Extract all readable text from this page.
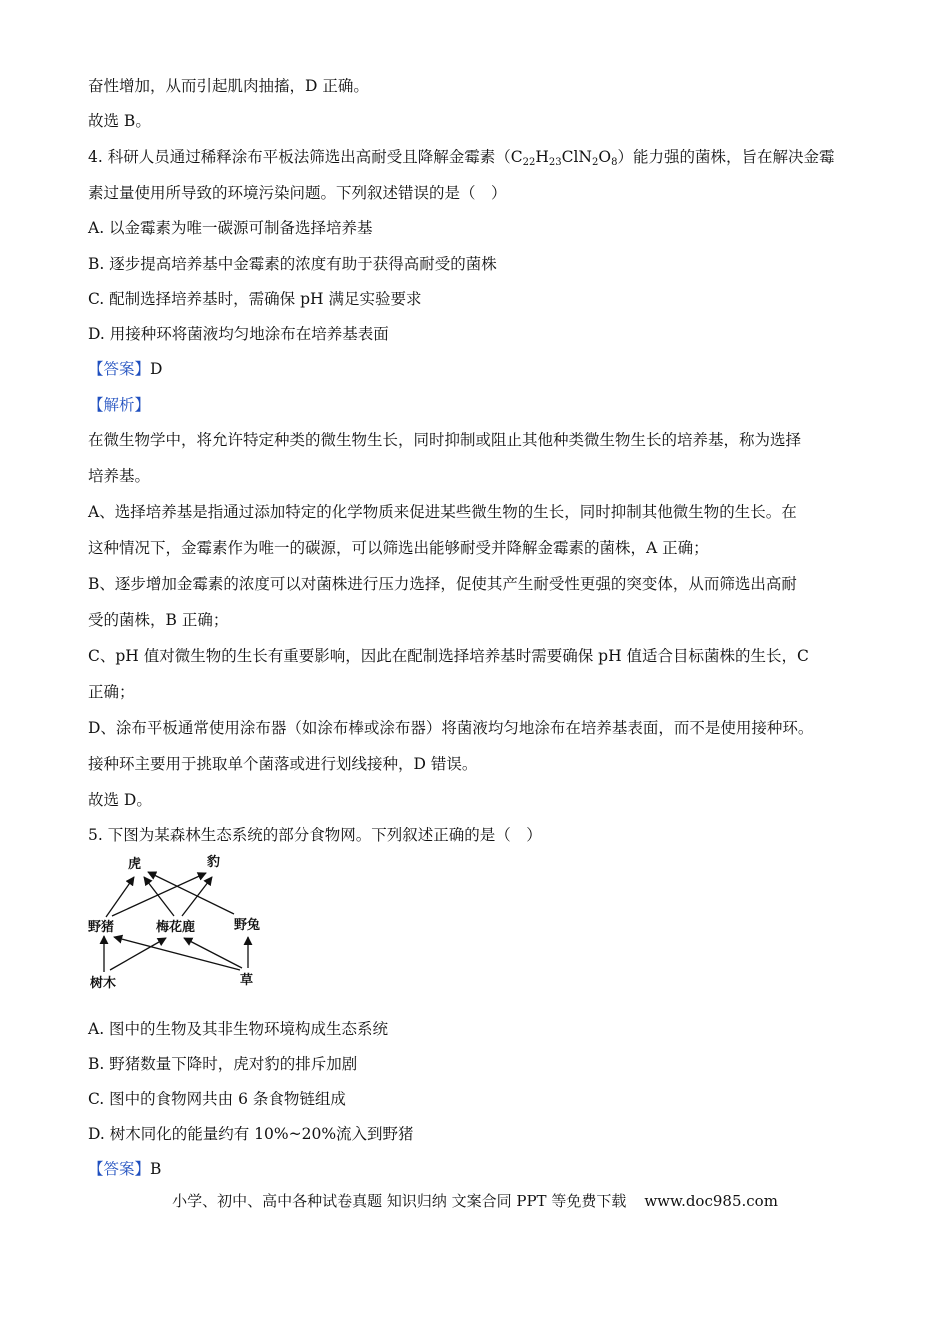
奋性增加，从而引起肌肉抽搐，D 正确。

故选 B。

4. 科研人员通过稀释涂布平板法筛选出高耐受且降解金霉素$(C_{22}H_{23}ClN_2O_8)$能力强的菌株，旨在解决金霉

素过量使用所导致的环境污染问题。下列叙述错误的是（　）

A. 以金霉素为唯一碳源可制备选择培养基

B. 逐步提高培养基中金霉素的浓度有助于获得高耐受的菌株

C. 配制选择培养基时，需确保 pH 满足实验要求

D. 用接种环将菌液均匀地涂布在培养基表面

【答案】D

【解析】

在微生物学中，将允许特定种类的微生物生长，同时抑制或阻止其他种类微生物生长的培养基，称为选择

培养基。

A、选择培养基是指通过添加特定的化学物质来促进某些微生物的生长，同时抑制其他微生物的生长。在

这种情况下，金霉素作为唯一的碳源，可以筛选出能够耐受并降解金霉素的菌株，A 正确；

B、逐步增加金霉素的浓度可以对菌株进行压力选择，促使其产生耐受性更强的突变体，从而筛选出高耐

受的菌株，B 正确；

C、pH 值对微生物的生长有重要影响，因此在配制选择培养基时需要确保 pH 值适合目标菌株的生长，C

正确；

D、涂布平板通常使用涂布器（如涂布棒或涂布器）将菌液均匀地涂布在培养基表面，而不是使用接种环。

接种环主要用于挑取单个菌落或进行划线接种，D 错误。

故选 D。

5. 下图为某森林生态系统的部分食物网。下列叙述正确的是（　）

虎	豹
野猪	梅花鹿	野兔
树木	草

A. 图中的生物及其非生物环境构成生态系统

B. 野猪数量下降时，虎对豹的排斥加剧

C. 图中的食物网共由 6 条食物链组成

D. 树木同化的能量约有 10%~20%流入到野猪

【答案】B

小学、初中、高中各种试卷真题 知识归纳 文案合同 PPT 等免费下载 www.doc985.com
